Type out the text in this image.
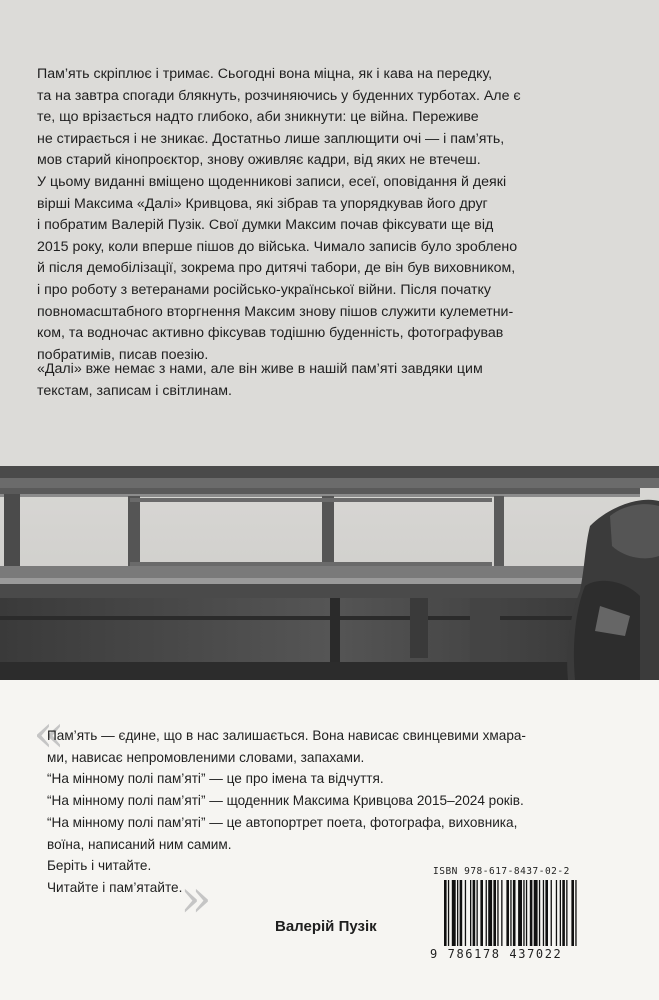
Пам’ять скріплює і тримає. Сьогодні вона міцна, як і кава на передку,
та на завтра спогади блякнуть, розчиняючись у буденних турботах. Але є
те, що врізається надто глибоко, аби зникнути: це війна. Переживе
не стирається і не зникає. Достатньо лише заплющити очі — і пам’ять,
мов старий кінопроєктор, знову оживляє кадри, від яких не втечеш.

У цьому виданні вміщено щоденникові записи, есеї, оповідання й деякі
вірші Максима «Далі» Кривцова, які зібрав та упорядкував його друг
і побратим Валерій Пузік. Свої думки Максим почав фіксувати ще від
2015 року, коли вперше пішов до війська. Чимало записів було зроблено
й після демобілізації, зокрема про дитячі табори, де він був виховником,
і про роботу з ветеранами російсько-української війни. Після початку
повномасштабного вторгнення Максим знову пішов служити кулеметни-
ком, та водночас активно фіксував тодішню буденність, фотографував
побратимів, писав поезію.

«Далі» вже немає з нами, але він живе в нашій пам’яті завдяки цим
текстам, записам і світлинам.

«
Пам’ять — єдине, що в нас залишається. Вона нависає свинцевими хмара-
ми, нависає непромовленими словами, запахами.
“На мінному полі пам’яті” — це про імена та відчуття.
“На мінному полі пам’яті” — щоденник Максима Кривцова 2015–2024 років.
“На мінному полі пам’яті” — це автопортрет поета, фотографа, виховника,
воїна, написаний ним самим.
Беріть і читайте.
Читайте і пам’ятайте.
»	Валерій Пузік
ISBN 978-617-8437-02-2
9 786178 437022
